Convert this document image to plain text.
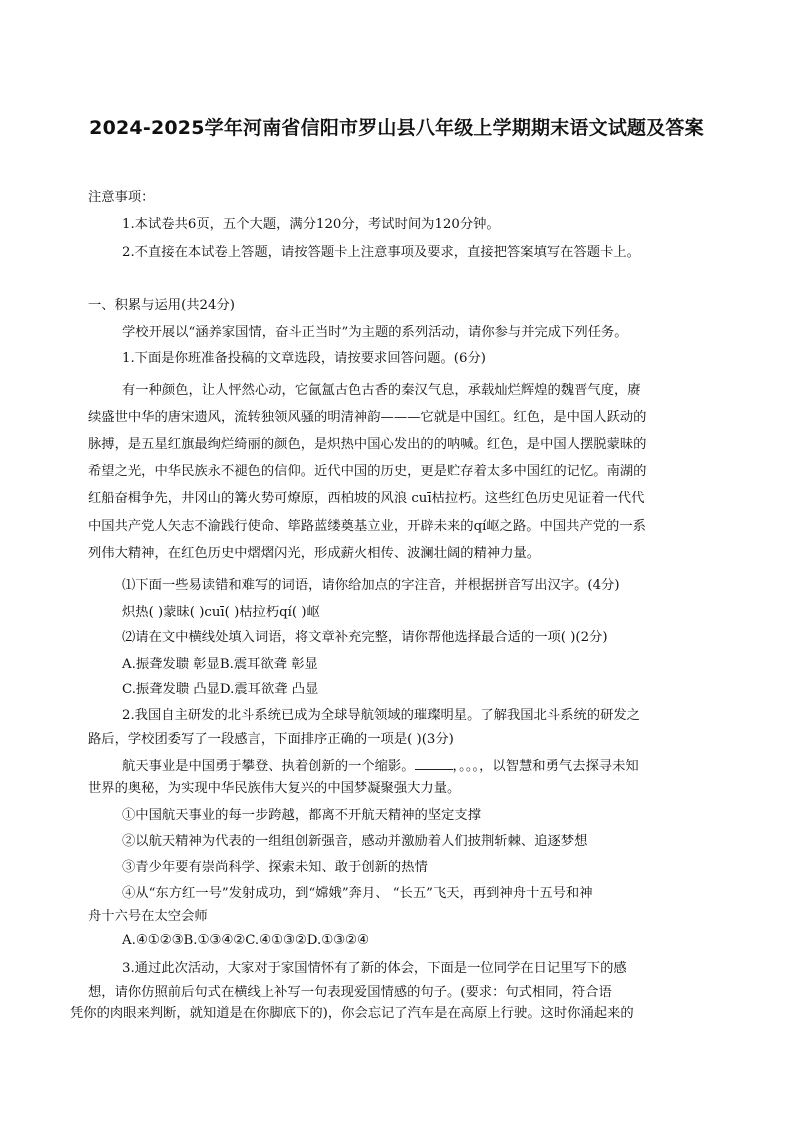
2024-2025学年河南省信阳市罗山县八年级上学期期末语文试题及答案
注意事项：
1.本试卷共6页，五个大题，满分120分，考试时间为120分钟。
2.不直接在本试卷上答题，请按答题卡上注意事项及要求，直接把答案填写在答题卡上。
一、积累与运用(共24分)
学校开展以“涵养家国情，奋斗正当时”为主题的系列活动，请你参与并完成下列任务。
1.下面是你班准备投稿的文章选段，请按要求回答问题。(6分)
有一种颜色，让人怦然心动，它氤氲古色古香的秦汉气息，承载灿烂辉煌的魏晋气度，赓
续盛世中华的唐宋遗风，流转独领风骚的明清神韵———它就是中国红。红色，是中国人跃动的
脉搏，是五星红旗最绚烂绮丽的颜色，是炽热中国心发出的的呐喊。红色，是中国人摆脱蒙昧的
希望之光，中华民族永不褪色的信仰。近代中国的历史，更是贮存着太多中国红的记忆。南湖的
红船奋楫争先，井冈山的篝火势可燎原，西柏坡的风浪 cuī枯拉朽。这些红色历史见证着一代代
中国共产党人矢志不渝践行使命、筚路蓝缕奠基立业，开辟未来的qí岖之路。中国共产党的一系
列伟大精神，在红色历史中熠熠闪光，形成薪火相传、波澜壮阔的精神力量。
⑴下面一些易读错和难写的词语，请你给加点的字注音，并根据拼音写出汉字。(4分)
炽热( )蒙昧( )cuī( )枯拉朽qí( )岖
⑵请在文中横线处填入词语，将文章补充完整，请你帮他选择最合适的一项( )(2分)
A.振聋发聩 彰显B.震耳欲聋 彰显
C.振聋发聩 凸显D.震耳欲聋 凸显
2.我国自主研发的北斗系统已成为全球导航领域的璀璨明星。了解我国北斗系统的研发之
路后，学校团委写了一段感言，下面排序正确的一项是( )(3分)
航天事业是中国勇于攀登、执着创新的一个缩影。	，。。。，以智慧和勇气去探寻未知
世界的奥秘，为实现中华民族伟大复兴的中国梦凝聚强大力量。
①中国航天事业的每一步跨越，都离不开航天精神的坚定支撑
②以航天精神为代表的一组组创新强音，感动并激励着人们披荆斩棘、追逐梦想
③青少年要有崇尚科学、探索未知、敢于创新的热情
④从“东方红一号”发射成功，到“嫦娥”奔月、 “长五”飞天，再到神舟十五号和神
舟十六号在太空会师
A.④①②③B.①③④②C.④①③②D.①③②④
3.通过此次活动，大家对于家国情怀有了新的体会，下面是一位同学在日记里写下的感
想，请你仿照前后句式在横线上补写一句表现爱国情感的句子。(要求：句式相同，符合语
凭你的肉眼来判断，就知道是在你脚底下的)，你会忘记了汽车是在高原上行驶。这时你涌起来的
